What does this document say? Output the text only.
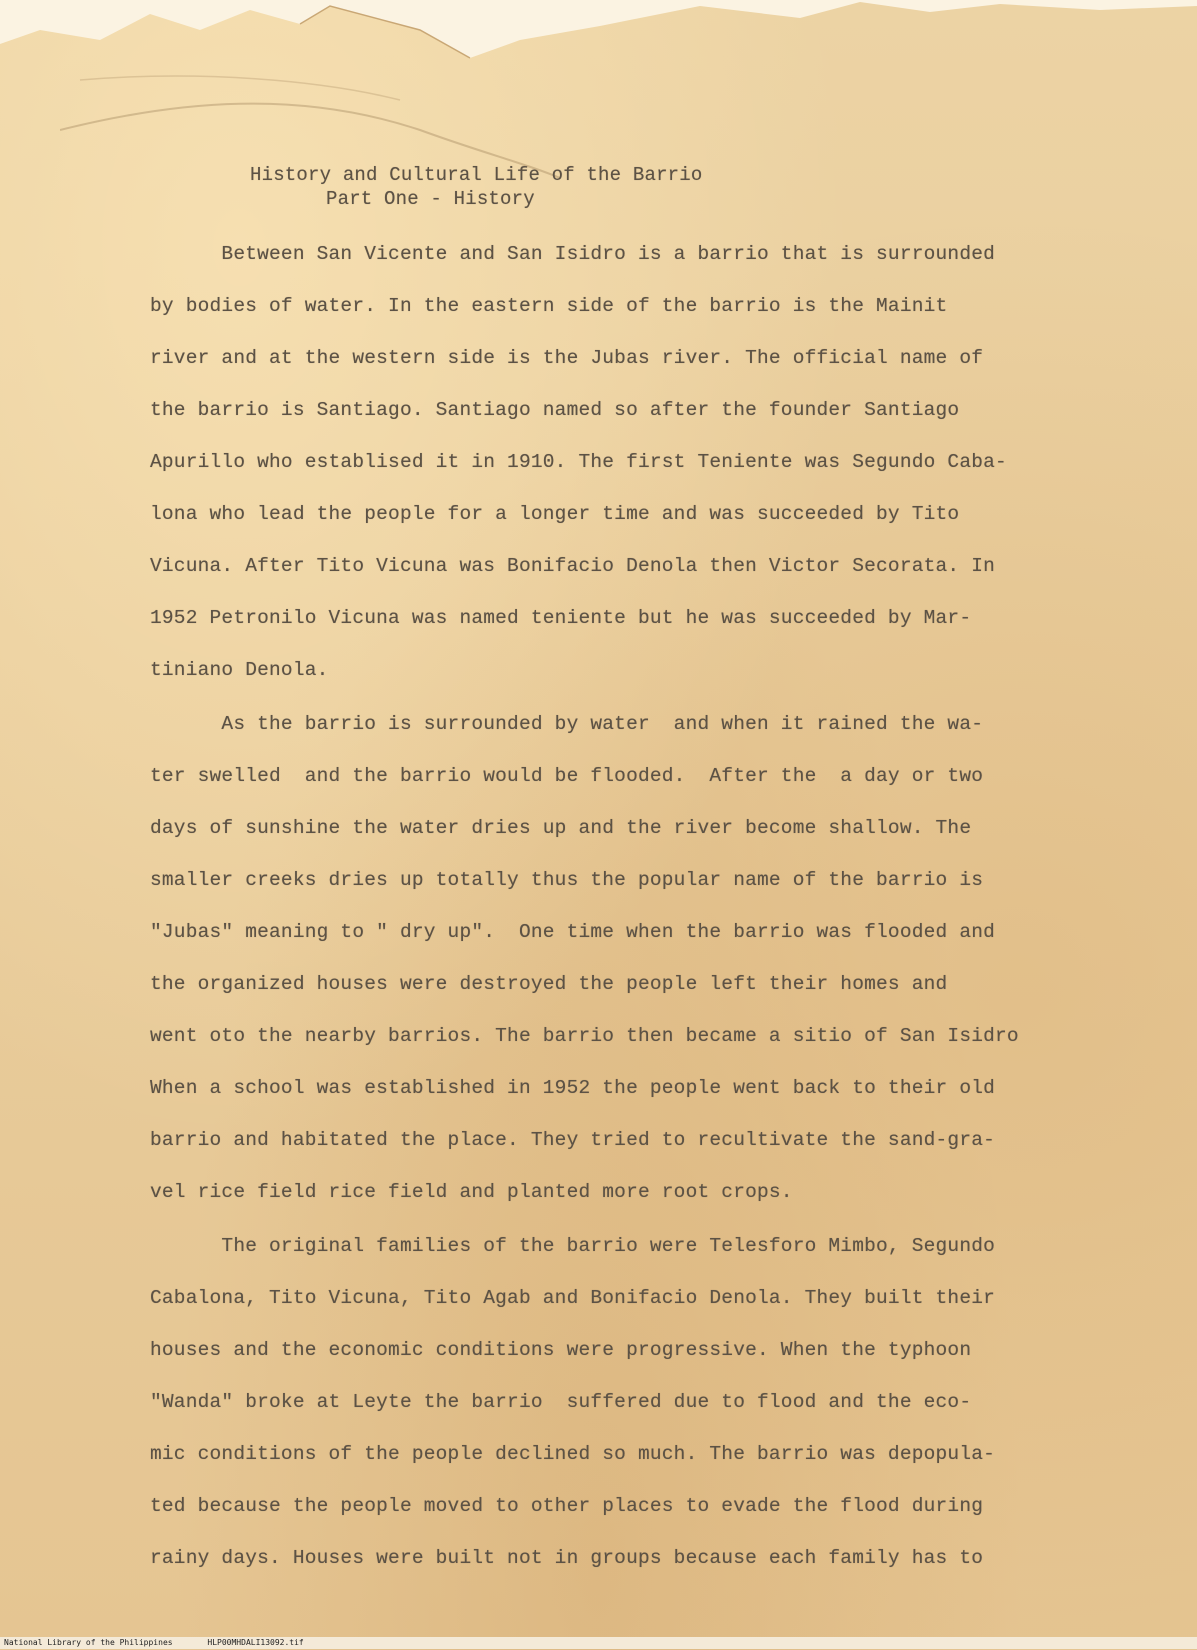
History and Cultural Life of the Barrio
Part One - History
Between San Vicente and San Isidro is a barrio that is surrounded
by bodies of water. In the eastern side of the barrio is the Mainit
river and at the western side is the Jubas river. The official name of
the barrio is Santiago. Santiago named so after the founder Santiago
Apurillo who establised it in 1910. The first Teniente was Segundo Caba-
lona who lead the people for a longer time and was succeeded by Tito
Vicuna. After Tito Vicuna was Bonifacio Denola then Victor Secorata. In
1952 Petronilo Vicuna was named teniente but he was succeeded by Mar-
tiniano Denola.
As the barrio is surrounded by water  and when it rained the wa-
ter swelled  and the barrio would be flooded.  After the  a day or two
days of sunshine the water dries up and the river become shallow. The
smaller creeks dries up totally thus the popular name of the barrio is
"Jubas" meaning to " dry up".  One time when the barrio was flooded and
the organized houses were destroyed the people left their homes and
went oto the nearby barrios. The barrio then became a sitio of San Isidro
When a school was established in 1952 the people went back to their old
barrio and habitated the place. They tried to recultivate the sand-gra-
vel rice field rice field and planted more root crops.
The original families of the barrio were Telesforo Mimbo, Segundo
Cabalona, Tito Vicuna, Tito Agab and Bonifacio Denola. They built their
houses and the economic conditions were progressive. When the typhoon
"Wanda" broke at Leyte the barrio  suffered due to flood and the eco-
mic conditions of the people declined so much. The barrio was depopula-
ted because the people moved to other places to evade the flood during
rainy days. Houses were built not in groups because each family has to
National Library of the Philippines	HLP00MHDALI13092.tif
